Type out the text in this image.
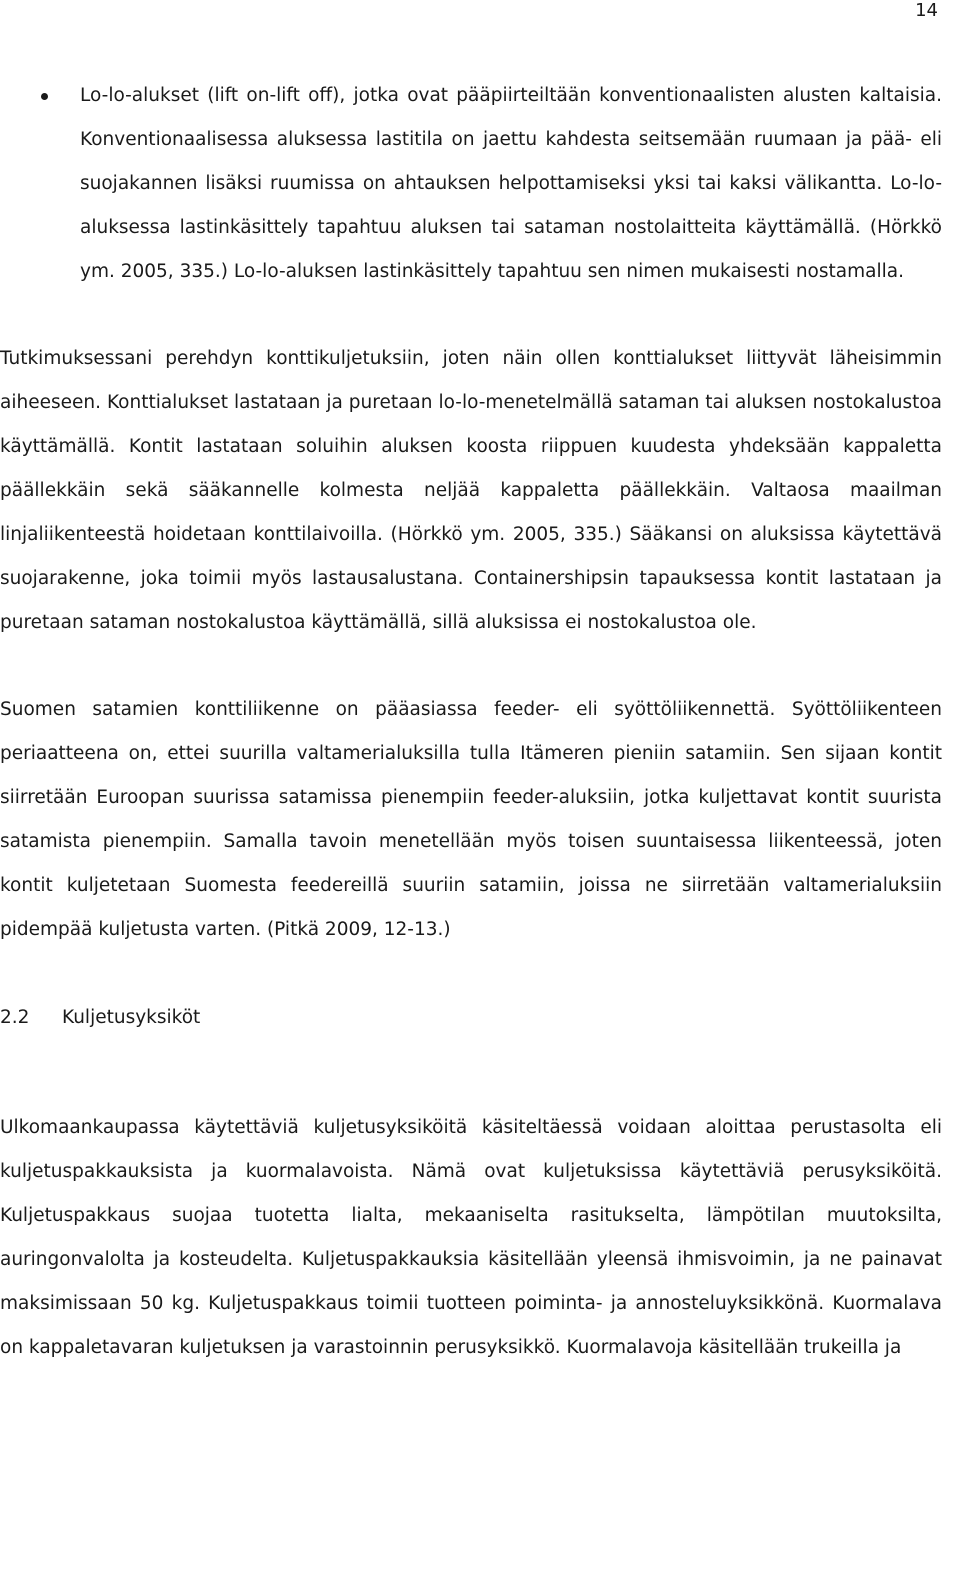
14

Lo-lo-alukset (lift on-lift off), jotka ovat pääpiirteiltään konventionaalisten alusten kaltaisia. Konventionaalisessa aluksessa lastitila on jaettu kahdesta seitsemään ruumaan ja pää- eli suojakannen lisäksi ruumissa on ahtauksen helpottamiseksi yksi tai kaksi välikantta. Lo-lo-aluksessa lastinkäsittely tapahtuu aluksen tai sataman nostolaitteita käyttämällä. (Hörkkö ym. 2005, 335.) Lo-lo-aluksen lastinkäsittely tapahtuu sen nimen mukaisesti nostamalla.

Tutkimuksessani perehdyn konttikuljetuksiin, joten näin ollen konttialukset liittyvät läheisimmin aiheeseen. Konttialukset lastataan ja puretaan lo-lo-menetelmällä sataman tai aluksen nostokalustoa käyttämällä. Kontit lastataan soluihin aluksen koosta riippuen kuudesta yhdeksään kappaletta päällekkäin sekä sääkannelle kolmesta neljää kappaletta päällekkäin. Valtaosa maailman linjaliikenteestä hoidetaan konttilaivoilla. (Hörkkö ym. 2005, 335.) Sääkansi on aluksissa käytettävä suojarakenne, joka toimii myös lastausalustana. Containershipsin tapauksessa kontit lastataan ja puretaan sataman nostokalustoa käyttämällä, sillä aluksissa ei nostokalustoa ole.

Suomen satamien konttiliikenne on pääasiassa feeder- eli syöttöliikennettä. Syöttöliikenteen periaatteena on, ettei suurilla valtamerialuksilla tulla Itämeren pieniin satamiin. Sen sijaan kontit siirretään Euroopan suurissa satamissa pienempiin feeder-aluksiin, jotka kuljettavat kontit suurista satamista pienempiin. Samalla tavoin menetellään myös toisen suuntaisessa liikenteessä, joten kontit kuljetetaan Suomesta feedereillä suuriin satamiin, joissa ne siirretään valtamerialuksiin pidempää kuljetusta varten. (Pitkä 2009, 12-13.)

2.2	Kuljetusyksiköt

Ulkomaankaupassa käytettäviä kuljetusyksiköitä käsiteltäessä voidaan aloittaa perustasolta eli kuljetuspakkauksista ja kuormalavoista. Nämä ovat kuljetuksissa käytettäviä perusyksiköitä. Kuljetuspakkaus suojaa tuotetta lialta, mekaaniselta rasitukselta, lämpötilan muutoksilta, auringonvalolta ja kosteudelta. Kuljetuspakkauksia käsitellään yleensä ihmisvoimin, ja ne painavat maksimissaan 50 kg. Kuljetuspakkaus toimii tuotteen poiminta- ja annosteluyksikkönä. Kuormalava on kappaletavaran kuljetuksen ja varastoinnin perusyksikkö. Kuormalavoja käsitellään trukeilla ja
